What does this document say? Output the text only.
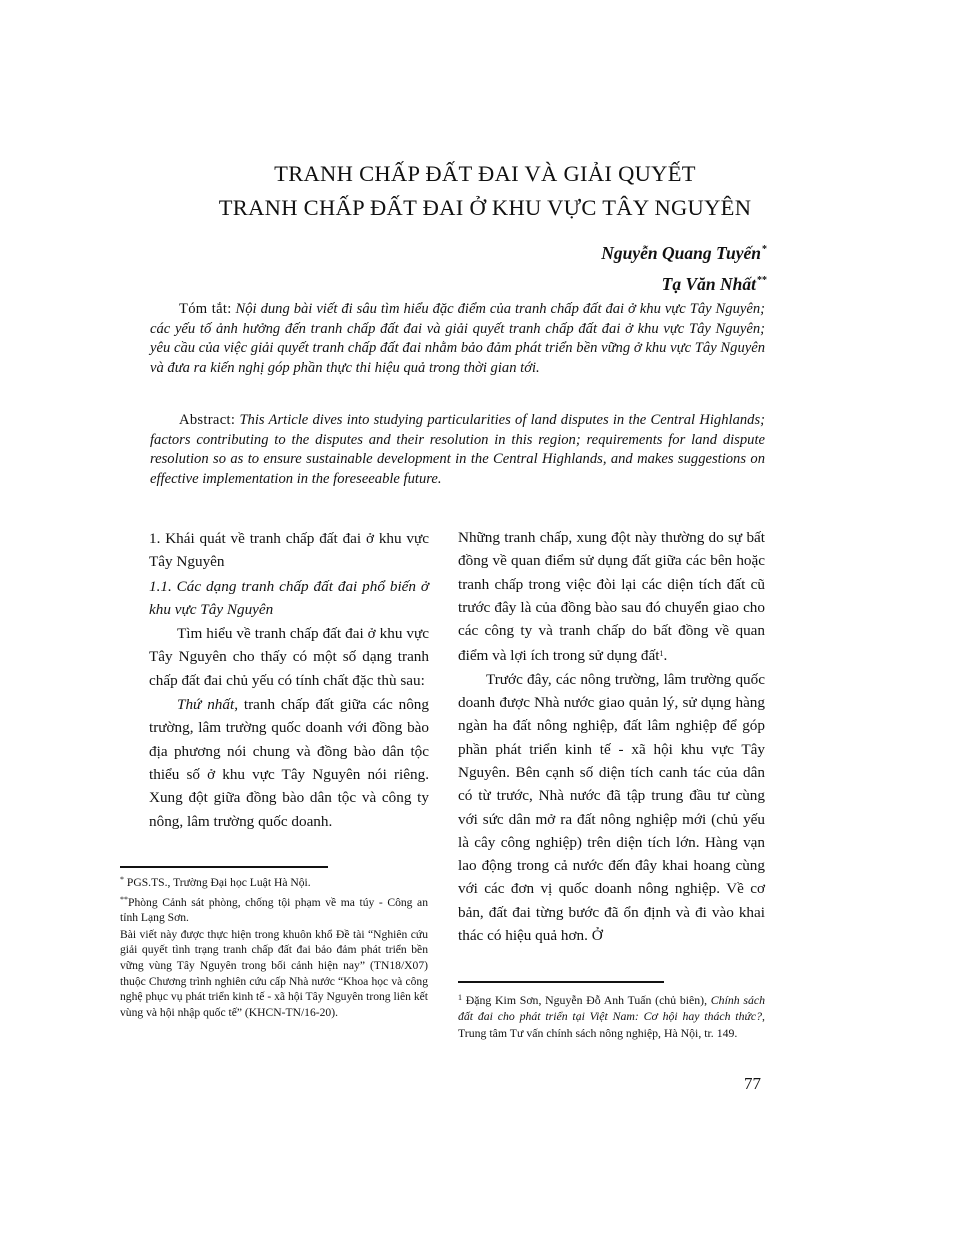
TRANH CHẤP ĐẤT ĐAI VÀ GIẢI QUYẾT
TRANH CHẤP ĐẤT ĐAI Ở KHU VỰC TÂY NGUYÊN
Nguyễn Quang Tuyến*
Tạ Văn Nhất**
Tóm tắt: Nội dung bài viết đi sâu tìm hiểu đặc điểm của tranh chấp đất đai ở khu vực Tây Nguyên; các yếu tố ảnh hưởng đến tranh chấp đất đai và giải quyết tranh chấp đất đai ở khu vực Tây Nguyên; yêu cầu của việc giải quyết tranh chấp đất đai nhằm bảo đảm phát triển bền vững ở khu vực Tây Nguyên và đưa ra kiến nghị góp phần thực thi hiệu quả trong thời gian tới.
Abstract: This Article dives into studying particularities of land disputes in the Central Highlands; factors contributing to the disputes and their resolution in this region; requirements for land dispute resolution so as to ensure sustainable development in the Central Highlands, and makes suggestions on effective implementation in the foreseeable future.

1. Khái quát về tranh chấp đất đai ở khu vực Tây Nguyên

1.1. Các dạng tranh chấp đất đai phổ biến ở khu vực Tây Nguyên

Tìm hiểu về tranh chấp đất đai ở khu vực Tây Nguyên cho thấy có một số dạng tranh chấp đất đai chủ yếu có tính chất đặc thù sau:

Thứ nhất, tranh chấp đất giữa các nông trường, lâm trường quốc doanh với đồng bào địa phương nói chung và đồng bào dân tộc thiểu số ở khu vực Tây Nguyên nói riêng. Xung đột giữa đồng bào dân tộc và công ty nông, lâm trường quốc doanh.

Những tranh chấp, xung đột này thường do sự bất đồng về quan điểm sử dụng đất giữa các bên hoặc tranh chấp trong việc đòi lại các diện tích đất cũ trước đây là của đồng bào sau đó chuyển giao cho các công ty và tranh chấp do bất đồng về quan điểm và lợi ích trong sử dụng đất$^1$.

Trước đây, các nông trường, lâm trường quốc doanh được Nhà nước giao quản lý, sử dụng hàng ngàn ha đất nông nghiệp, đất lâm nghiệp để góp phần phát triển kinh tế - xã hội khu vực Tây Nguyên. Bên cạnh số diện tích canh tác của dân có từ trước, Nhà nước đã tập trung đầu tư cùng với sức dân mở ra đất nông nghiệp mới (chủ yếu là cây công nghiệp) trên diện tích lớn. Hàng vạn lao động trong cả nước đến đây khai hoang cùng với các đơn vị quốc doanh nông nghiệp. Về cơ bản, đất đai từng bước đã ổn định và đi vào khai thác có hiệu quả hơn. Ở

* PGS.TS., Trường Đại học Luật Hà Nội.

**Phòng Cảnh sát phòng, chống tội phạm về ma túy - Công an tỉnh Lạng Sơn.

Bài viết này được thực hiện trong khuôn khổ Đề tài “Nghiên cứu giải quyết tình trạng tranh chấp đất đai bảo đảm phát triển bền vững vùng Tây Nguyên trong bối cảnh hiện nay” (TN18/X07) thuộc Chương trình nghiên cứu cấp Nhà nước “Khoa học và công nghệ phục vụ phát triển kinh tế - xã hội Tây Nguyên trong liên kết vùng và hội nhập quốc tế” (KHCN-TN/16-20).

$^1$ Đặng Kim Sơn, Nguyễn Đỗ Anh Tuấn (chủ biên), Chính sách đất đai cho phát triển tại Việt Nam: Cơ hội hay thách thức?, Trung tâm Tư vấn chính sách nông nghiệp, Hà Nội, tr. 149.

77
